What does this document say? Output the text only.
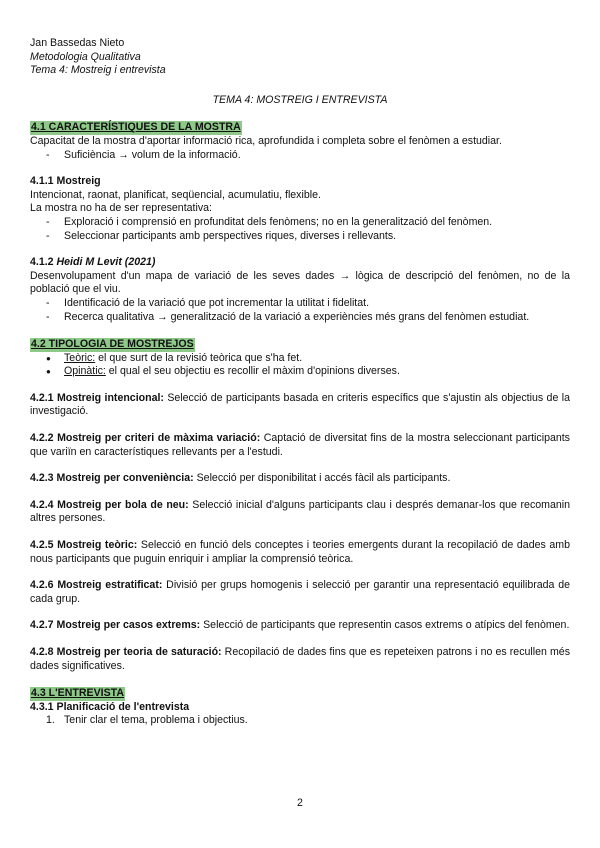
Jan Bassedas Nieto
Metodologia Qualitativa
Tema 4: Mostreig i entrevista
TEMA 4: MOSTREIG I ENTREVISTA
4.1 CARACTERÍSTIQUES DE LA MOSTRA

Capacitat de la mostra d'aportar informació rica, aprofundida i completa sobre el fenòmen a estudiar.

- Suficiència → volum de la informació.
4.1.1 Mostreig

Intencionat, raonat, planificat, seqüencial, acumulatiu, flexible.

La mostra no ha de ser representativa:

- Exploració i comprensió en profunditat dels fenòmens; no en la generalització del fenòmen.
- Seleccionar participants amb perspectives riques, diverses i rellevants.
4.1.2 Heidi M Levit (2021)

Desenvolupament d'un mapa de variació de les seves dades → lògica de descripció del fenòmen, no de la població que el viu.

- Identificació de la variació que pot incrementar la utilitat i fidelitat.
- Recerca qualitativa → generalització de la variació a experiències més grans del fenòmen estudiat.
4.2 TIPOLOGIA DE MOSTREJOS
● Teòric: el que surt de la revisió teòrica que s'ha fet.
● Opinàtic: el qual el seu objectiu es recollir el màxim d'opinions diverses.
4.2.1 Mostreig intencional: Selecció de participants basada en criteris específics que s'ajustin als objectius de la investigació.
4.2.2 Mostreig per criteri de màxima variació: Captació de diversitat fins de la mostra seleccionant participants que variïn en característiques rellevants per a l'estudi.
4.2.3 Mostreig per conveniència: Selecció per disponibilitat i accés fàcil als participants.
4.2.4 Mostreig per bola de neu: Selecció inicial d'alguns participants clau i després demanar-los que recomanin altres persones.
4.2.5 Mostreig teòric: Selecció en funció dels conceptes i teories emergents durant la recopilació de dades amb nous participants que puguin enriquir i ampliar la comprensió teòrica.
4.2.6 Mostreig estratificat: Divisió per grups homogenis i selecció per garantir una representació equilibrada de cada grup.
4.2.7 Mostreig per casos extrems: Selecció de participants que representin casos extrems o atípics del fenòmen.
4.2.8 Mostreig per teoria de saturació: Recopilació de dades fins que es repeteixen patrons i no es recullen més dades significatives.
4.3 L'ENTREVISTA
4.3.1 Planificació de l'entrevista
1. Tenir clar el tema, problema i objectius.
2
